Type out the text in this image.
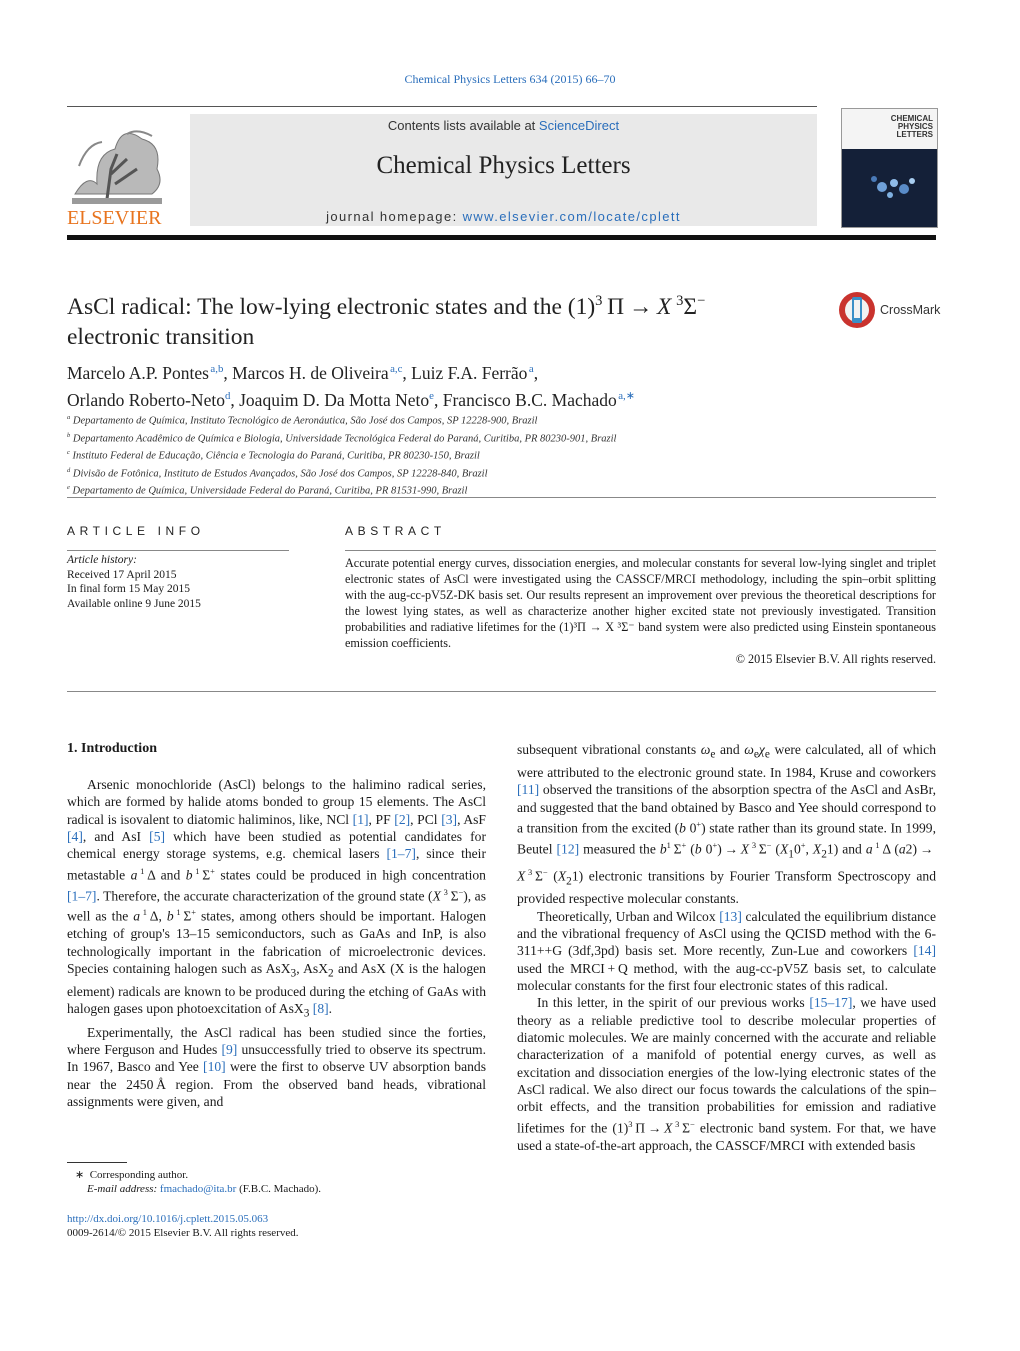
Chemical Physics Letters 634 (2015) 66–70
ELSEVIER
Contents lists available at ScienceDirect
Chemical Physics Letters
journal homepage: www.elsevier.com/locate/cplett
CHEMICAL PHYSICS LETTERS
AsCl radical: The low-lying electronic states and the $(1)^3$ Π → X  $^3$Σ−
electronic transition
CrossMark
Marcelo A.P. Pontes $^{a,b}$, Marcos H. de Oliveira $^{a,c}$, Luiz F.A. Ferrão $^a$,
Orlando Roberto-Neto$^d$, Joaquim D. Da Motta Neto$^e$, Francisco B.C. Machado $^{a,∗}$
$^a$ Departamento de Química, Instituto Tecnológico de Aeronáutica, São José dos Campos, SP 12228-900, Brazil
$^b$ Departamento Acadêmico de Química e Biologia, Universidade Tecnológica Federal do Paraná, Curitiba, PR 80230-901, Brazil
$^c$ Instituto Federal de Educação, Ciência e Tecnologia do Paraná, Curitiba, PR 80230-150, Brazil
$^d$ Divisão de Fotônica, Instituto de Estudos Avançados, São José dos Campos, SP 12228-840, Brazil
$^e$ Departamento de Química, Universidade Federal do Paraná, Curitiba, PR 81531-990, Brazil
ARTICLE INFO
Article history:
Received 17 April 2015
In final form 15 May 2015
Available online 9 June 2015
ABSTRACT
Accurate potential energy curves, dissociation energies, and molecular constants for several low-lying singlet and triplet electronic states of AsCl were investigated using the CASSCF/MRCI methodology, including the spin–orbit splitting with the aug-cc-pV5Z-DK basis set. Our results represent an improvement over previous the theoretical descriptions for the lowest lying states, as well as characterize another higher excited state not previously investigated. Transition probabilities and radiative lifetimes for the (1)³Π → X ³Σ⁻ band system were also predicted using Einstein spontaneous emission coefficients.
© 2015 Elsevier B.V. All rights reserved.
1. Introduction

Arsenic monochloride (AsCl) belongs to the halimino radical series, which are formed by halide atoms bonded to group 15 elements. The AsCl radical is isovalent to diatomic haliminos, like, NCl [1], PF [2], PCl [3], AsF [4], and AsI [5] which have been studied as potential candidates for chemical energy storage systems, e.g. chemical lasers [1–7], since their metastable a  $^1$ Δ and b  $^1$ Σ+ states could be produced in high concentration [1–7]. Therefore, the accurate characterization of the ground state (X  $^3$ Σ−), as well as the a  $^1$ Δ, b  $^1$ Σ+ states, among others should be important. Halogen etching of group's 13–15 semiconductors, such as GaAs and InP, is also technologically important in the fabrication of microelectronic devices. Species containing halogen such as AsX$_3$, AsX$_2$ and AsX (X is the halogen element) radicals are known to be produced during the etching of GaAs with halogen gases upon photoexcitation of AsX$_3$ [8].

Experimentally, the AsCl radical has been studied since the forties, where Ferguson and Hudes [9] unsuccessfully tried to observe its spectrum. In 1967, Basco and Yee [10] were the first to observe UV absorption bands near the 2450 Å region. From the observed band heads, vibrational assignments were given, and

subsequent vibrational constants $\omega_e$ and $\omega_e\chi_e$ were calculated, all of which were attributed to the electronic ground state. In 1984, Kruse and coworkers [11] observed the transitions of the absorption spectra of the AsCl and AsBr, and suggested that the band obtained by Basco and Yee should correspond to a transition from the excited (b 0+) state rather than its ground state. In 1999, Beutel [12] measured the $b^1$ Σ+ (b 0+) → X  $^3$ Σ− ($X_10^+$, $X_21$) and a  $^1$ Δ (a2) → X  $^3$ Σ− $(X_21)$ electronic transitions by Fourier Transform Spectroscopy and provided respective molecular constants.

Theoretically, Urban and Wilcox [13] calculated the equilibrium distance and the vibrational frequency of AsCl using the QCISD method with the 6-311++G (3df,3pd) basis set. More recently, Zun-Lue and coworkers [14] used the MRCI + Q method, with the aug-cc-pV5Z basis set, to calculate molecular constants for the first four electronic states of this radical.

In this letter, in the spirit of our previous works [15–17], we have used theory as a reliable predictive tool to describe molecular properties of diatomic molecules. We are mainly concerned with the accurate and reliable characterization of a manifold of potential energy curves, as well as excitation and dissociation energies of the low-lying electronic states of the AsCl radical. We also direct our focus towards the calculations of the spin–orbit effects, and the transition probabilities for emission and radiative lifetimes for the $(1)^3$ Π → X  $^3$ Σ− electronic band system. For that, we have used a state-of-the-art approach, the CASSCF/MRCI with extended basis

∗ Corresponding author.
E-mail address: fmachado@ita.br (F.B.C. Machado).
http://dx.doi.org/10.1016/j.cplett.2015.05.063
0009-2614/© 2015 Elsevier B.V. All rights reserved.
